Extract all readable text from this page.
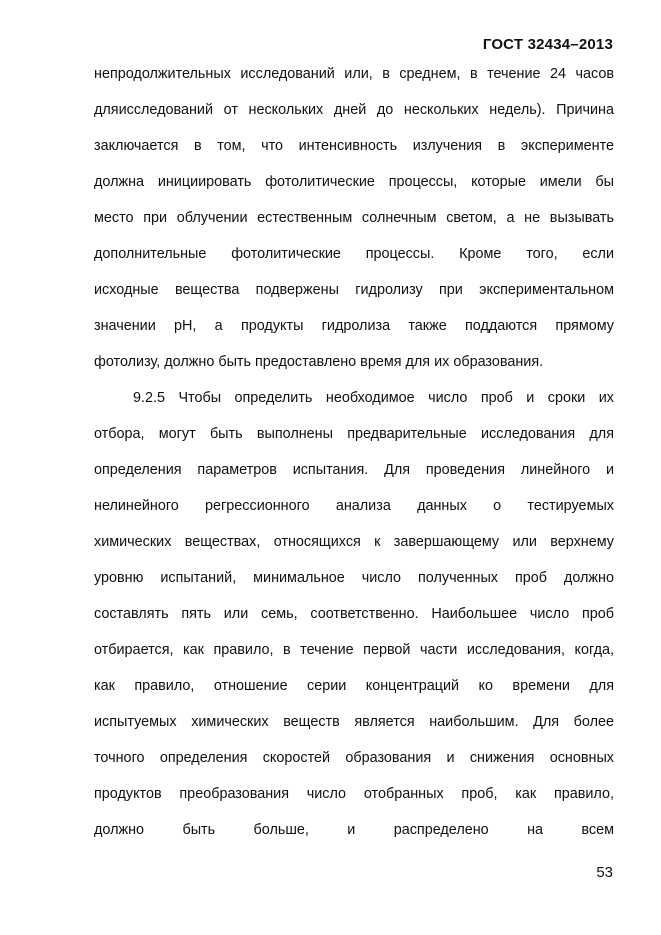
ГОСТ 32434–2013
непродолжительных исследований или, в среднем, в течение 24 часов
дляисследований от нескольких дней до нескольких недель). Причина
заключается в том, что интенсивность излучения в эксперименте
должна инициировать фотолитические процессы, которые имели бы
место при облучении естественным солнечным светом, а не вызывать
дополнительные фотолитические процессы. Кроме того, если
исходные вещества подвержены гидролизу при экспериментальном
значении pH, а продукты гидролиза также поддаются прямому
фотолизу, должно быть предоставлено время для их образования.
9.2.5 Чтобы определить необходимое число проб и сроки их
отбора, могут быть выполнены предварительные исследования для
определения параметров испытания. Для проведения линейного и
нелинейного регрессионного анализа данных о тестируемых
химических веществах, относящихся к завершающему или верхнему
уровню испытаний, минимальное число полученных проб должно
составлять пять или семь, соответственно. Наибольшее число проб
отбирается, как правило, в течение первой части исследования, когда,
как правило, отношение серии концентраций ко времени для
испытуемых химических веществ является наибольшим. Для более
точного определения скоростей образования и снижения основных
продуктов преобразования число отобранных проб, как правило,
должно быть больше, и распределено на всем
53
